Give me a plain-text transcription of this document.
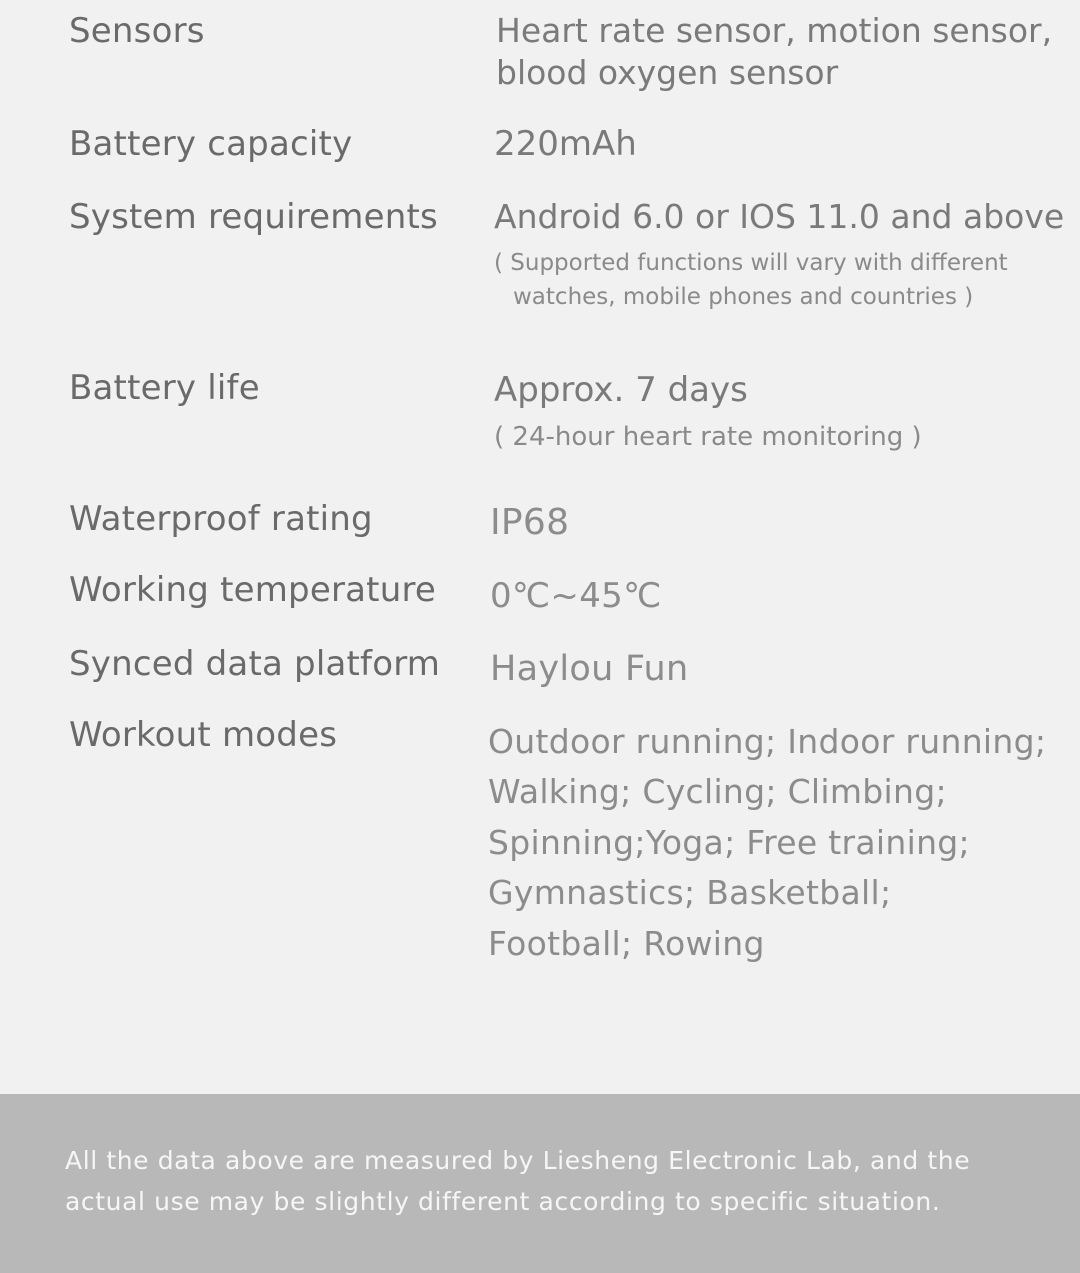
Sensors	Heart rate sensor, motion sensor,
blood oxygen sensor
Battery capacity	220mAh
System requirements Android 6.0 or IOS 11.0 and above
( Supported functions will vary with different
watches, mobile phones and countries )
Battery life	Approx. 7 days
( 24-hour heart rate monitoring )
Waterproof rating	IP68
Working temperature 0℃~45℃
Synced data platform Haylou Fun
Workout modes	Outdoor running; Indoor running;
Walking; Cycling; Climbing;
Spinning;Yoga; Free training;
Gymnastics; Basketball;
Football; Rowing
All the data above are measured by Liesheng Electronic Lab, and the
actual use may be slightly different according to specific situation.
